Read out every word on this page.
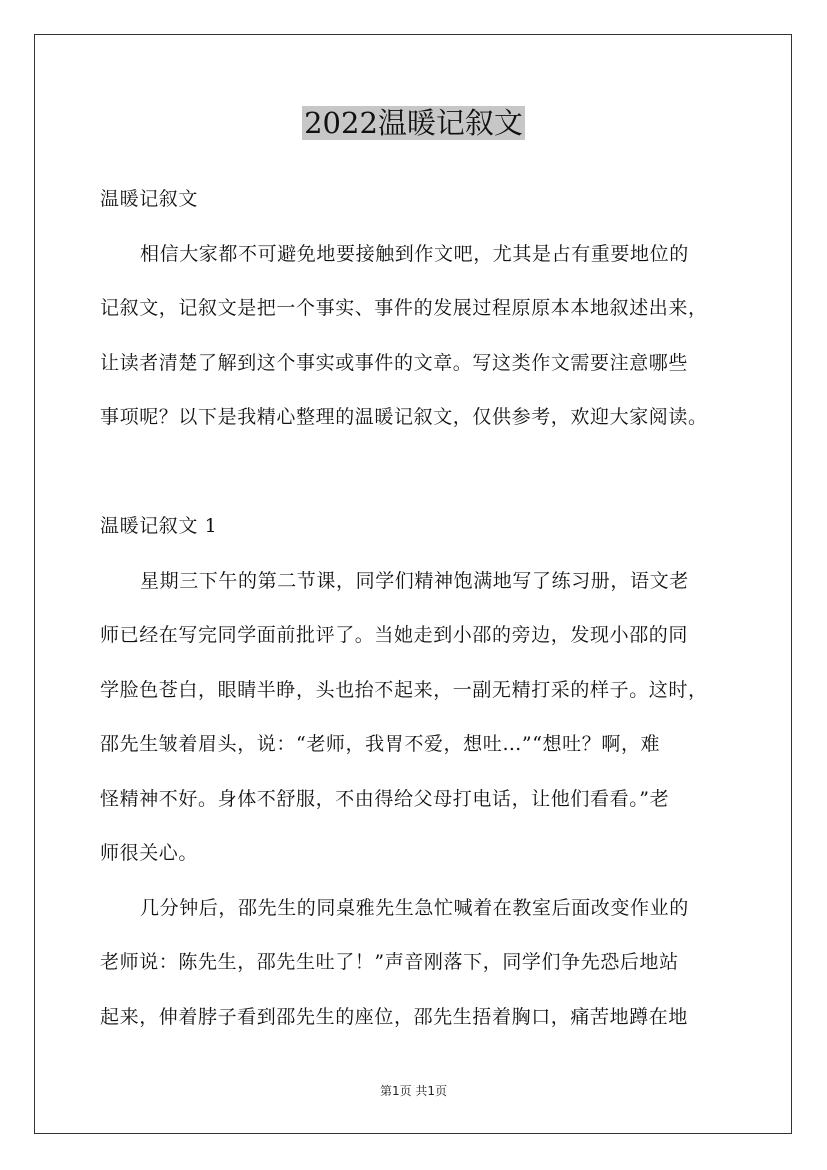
2022温暖记叙文
温暖记叙文
相信大家都不可避免地要接触到作文吧，尤其是占有重要地位的
记叙文，记叙文是把一个事实、事件的发展过程原原本本地叙述出来，
让读者清楚了解到这个事实或事件的文章。写这类作文需要注意哪些
事项呢？以下是我精心整理的温暖记叙文，仅供参考，欢迎大家阅读。
温暖记叙文 1
星期三下午的第二节课，同学们精神饱满地写了练习册，语文老
师已经在写完同学面前批评了。当她走到小邵的旁边，发现小邵的同
学脸色苍白，眼睛半睁，头也抬不起来，一副无精打采的样子。这时，
邵先生皱着眉头，说：“老师，我胃不爱，想吐…”“想吐？啊，难
怪精神不好。身体不舒服，不由得给父母打电话，让他们看看。”老
师很关心。
几分钟后，邵先生的同桌雅先生急忙喊着在教室后面改变作业的
老师说：陈先生，邵先生吐了！”声音刚落下，同学们争先恐后地站
起来，伸着脖子看到邵先生的座位，邵先生捂着胸口，痛苦地蹲在地
第1页 共1页
